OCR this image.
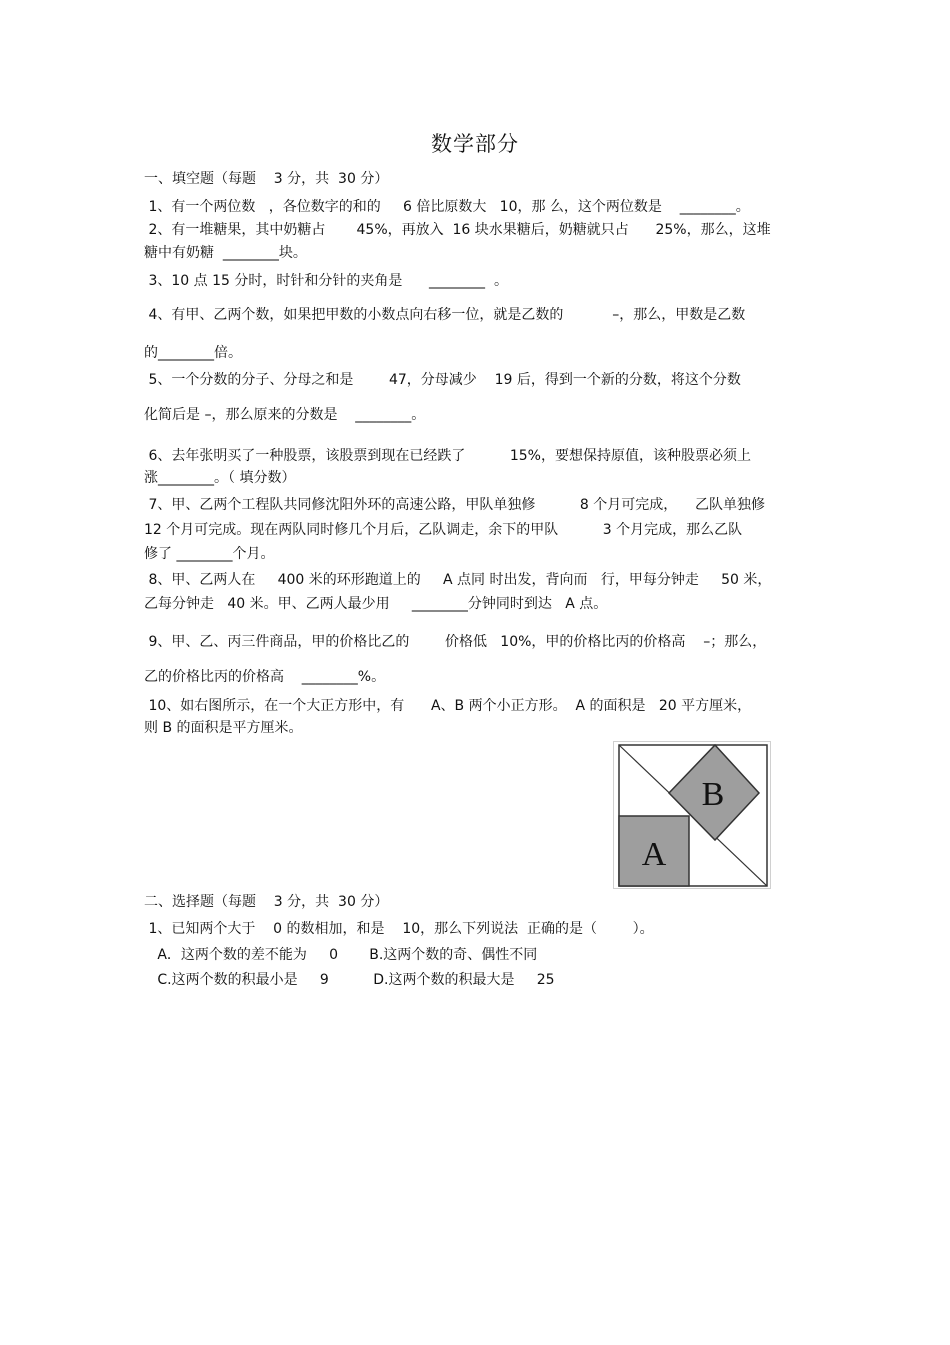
数学部分
一、填空题（每题    3 分，共  30 分）
1、有一个两位数   ，各位数字的和的     6 倍比原数大   10，那 么，这个两位数是    ________。
2、有一堆糖果，其中奶糖占       45%，再放入  16 块水果糖后，奶糖就只占      25%，那么，这堆
糖中有奶糖  ________块。
3、10 点 15 分时，时针和分针的夹角是      ________  。
4、有甲、乙两个数，如果把甲数的小数点向右移一位，就是乙数的           –，那么，甲数是乙数
的________倍。
5、一个分数的分子、分母之和是        47，分母减少    19 后，得到一个新的分数，将这个分数
化简后是 –，那么原来的分数是    ________。
6、去年张明买了一种股票，该股票到现在已经跌了          15%，要想保持原值，该种股票必须上
涨________。（ 填分数）
7、甲、乙两个工程队共同修沈阳外环的高速公路，甲队单独修          8 个月可完成，    乙队单独修
12 个月可完成。现在两队同时修几个月后，乙队调走，余下的甲队          3 个月完成，那么乙队
修了 ________个月。
8、甲、乙两人在     400 米的环形跑道上的     A 点同 时出发，背向而   行，甲每分钟走     50 米，
乙每分钟走   40 米。甲、乙两人最少用     ________分钟同时到达   A 点。
9、甲、乙、丙三件商品，甲的价格比乙的        价格低   10%，甲的价格比丙的价格高    –；那么，
乙的价格比丙的价格高    ________%。
10、如右图所示，在一个大正方形中，有      A、B 两个小正方形。  A 的面积是   20 平方厘米，
则 B 的面积是平方厘米。
B
A
二、选择题（每题    3 分，共  30 分）
1、已知两个大于    0 的数相加，和是    10，那么下列说法  正确的是（        ）。
A．这两个数的差不能为     0       B.这两个数的奇、偶性不同
C.这两个数的积最小是     9          D.这两个数的积最大是     25
